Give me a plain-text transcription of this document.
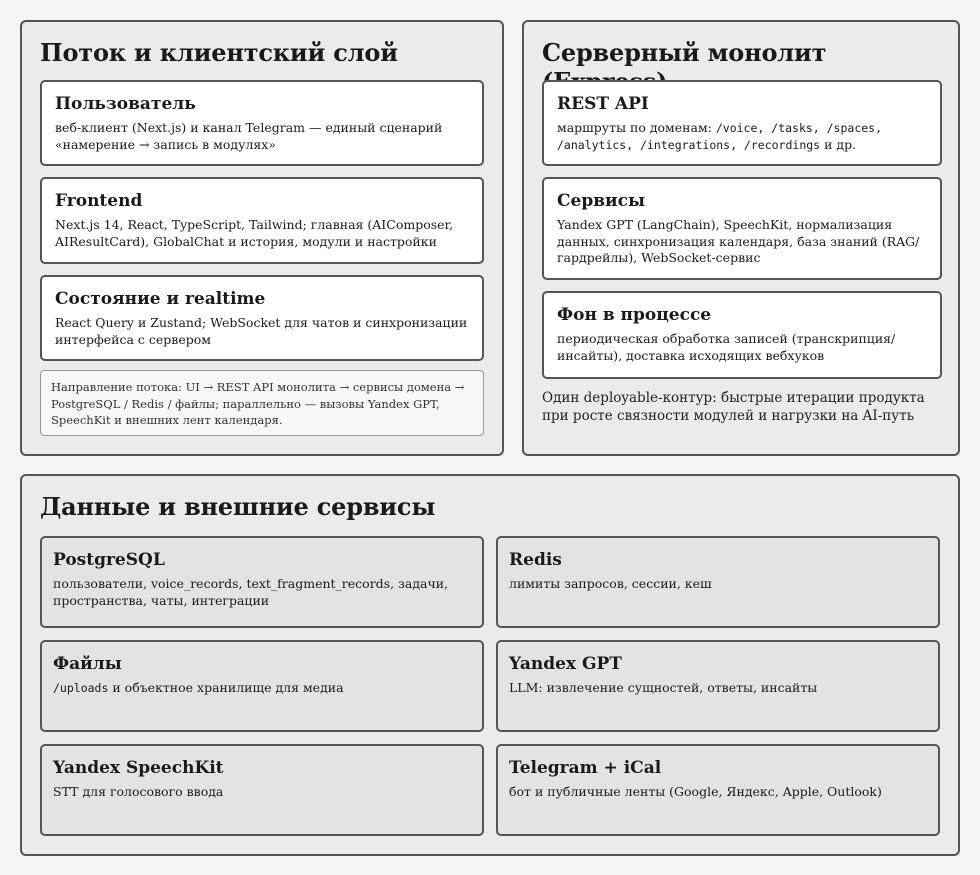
Поток и клиентский слой
Пользователь

веб-клиент (Next.js) и канал Telegram — единый сценарий «намерение → запись в модулях»

Frontend

Next.js 14, React, TypeScript, Tailwind; главная (AIComposer, AIResultCard), GlobalChat и история, модули и настройки

Состояние и realtime

React Query и Zustand; WebSocket для чатов и синхронизации интерфейса с сервером

Направление потока: UI → REST API монолита → сервисы домена → PostgreSQL / Redis / файлы; параллельно — вызовы Yandex GPT, SpeechKit и внешних лент календаря.
Серверный монолит
REST API

маршруты по доменам: /voice, /tasks, /spaces, /analytics, /integrations, /recordings и др.

Сервисы

Yandex GPT (LangChain), SpeechKit, нормализация данных, синхронизация календаря, база знаний (RAG/гардрейлы), WebSocket-сервис

Фон в процессе

периодическая обработка записей (транскрипция/ инсайты), доставка исходящих вебхуков

Один deployable-контур: быстрые итерации продукта при росте связности модулей и нагрузки на AI-путь
Данные и внешние сервисы
PostgreSQL

пользователи, voice_records, text_fragment_records, задачи, пространства, чаты, интеграции

Redis

лимиты запросов, сессии, кеш

Файлы

/uploads и объектное хранилище для медиа

Yandex GPT

LLM: извлечение сущностей, ответы, инсайты

Yandex SpeechKit

STT для голосового ввода

Telegram + iCal

бот и публичные ленты (Google, Яндекс, Apple, Outlook)
